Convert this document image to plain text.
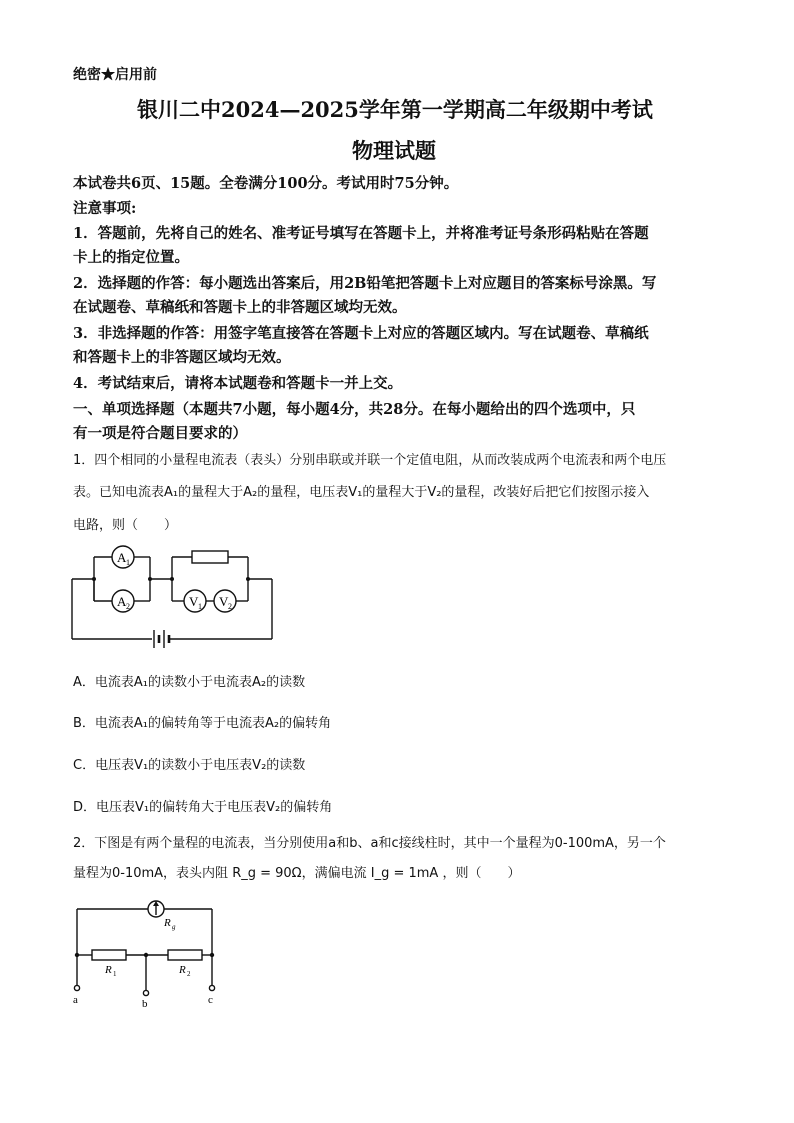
绝密★启用前
银川二中2024—2025学年第一学期高二年级期中考试
物理试题
本试卷共6页、15题。全卷满分100分。考试用时75分钟。
注意事项:
1．答题前，先将自己的姓名、准考证号填写在答题卡上，并将准考证号条形码粘贴在答题
卡上的指定位置。
2．选择题的作答：每小题选出答案后，用2B铅笔把答题卡上对应题目的答案标号涂黑。写
在试题卷、草稿纸和答题卡上的非答题区域均无效。
3．非选择题的作答：用签字笔直接答在答题卡上对应的答题区域内。写在试题卷、草稿纸
和答题卡上的非答题区域均无效。
4．考试结束后，请将本试题卷和答题卡一并上交。
一、单项选择题（本题共7小题，每小题4分，共28分。在每小题给出的四个选项中，只
有一项是符合题目要求的）
1．四个相同的小量程电流表（表头）分别串联或并联一个定值电阻，从而改装成两个电流表和两个电压
表。已知电流表A₁的量程大于A₂的量程，电压表V₁的量程大于V₂的量程，改装好后把它们按图示接入
电路，则（　　）
A 1
A 2	V 1 V 2
A．电流表A₁的读数小于电流表A₂的读数
B．电流表A₁的偏转角等于电流表A₂的偏转角
C．电压表V₁的读数小于电压表V₂的读数
D．电压表V₁的偏转角大于电压表V₂的偏转角
2．下图是有两个量程的电流表，当分别使用a和b、a和c接线柱时，其中一个量程为0-100mA，另一个
量程为0-10mA，表头内阻 R_g = 90Ω，满偏电流 I_g = 1mA ，则（　　）
R g
R 1	R 2
a	b	c
